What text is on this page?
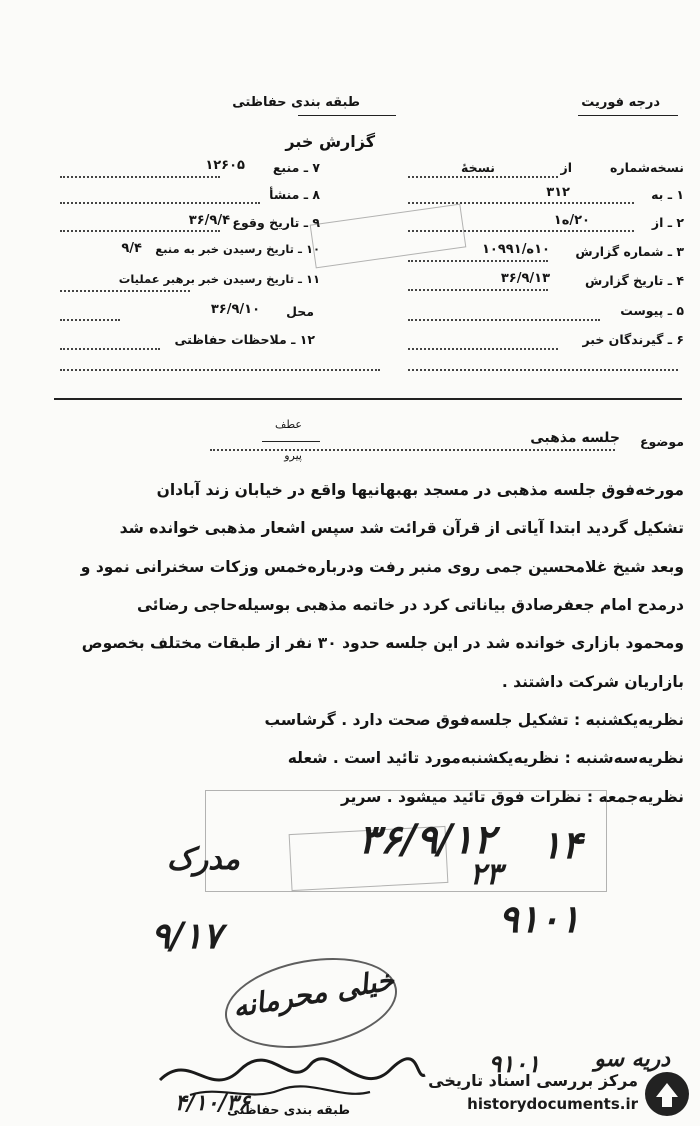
درجه فوریت
طبقه بندی حفاظتی
گزارش خبر
نسخه‌شماره
از
نسخهٔ
۱ ـ به
۳۱۲
۲ ـ از
۲۰/ه۱
۳ ـ شماره گزارش
۱۰ه/۱۰۹۹۱
۴ ـ تاریخ گزارش
۳۶/۹/۱۳
۵ ـ پیوست
۶ ـ گیرندگان خبر
۷ ـ منبع
۱۲۶۰۵
۸ ـ منشأ
۹ ـ تاریخ وقوع
۳۶/۹/۴
۱۰ ـ تاریخ رسیدن خبر به منبع
۹/۴
۱۱ ـ تاریخ رسیدن خبر برهبر عملیات
محل
۳۶/۹/۱۰
۱۲ ـ ملاحظات حفاظتی
موضوع
جلسه‌ مذهبی
عطف
پیرو
مورخه‌فوق جلسه مذهبی در مسجد بهبهانیها واقع در خیابان زند آبادان
تشکیل گردید ابتدا آیاتی از قرآن قرائت شد سپس اشعار مذهبی خوانده شد
وبعد شیخ غلامحسین جمی روی منبر رفت ودرباره‌خمس وزکات سخنرانی نمود و
درمدح امام جعفرصادق بیاناتی کرد در خاتمه مذهبی بوسیله‌حاجی رضائی
ومحمود بازاری خوانده شد در این جلسه حدود ۳۰ نفر از طبقات مختلف بخصوص
بازاریان شرکت داشتند .
نظریه‌یکشنبه : تشکیل جلسه‌فوق صحت دارد . گرشاسب
نظریه‌سه‌شنبه : نظریه‌یکشنبه‌مورد تائید است . شعله
نظریه‌جمعه : نظرات فوق تائید میشود . سریر
۳۶/۹/۱۲ ۱۴
۲۳
۹۱۰۱
مدرک
۹/۱۷
خیلی محرمانه
۹۱۰۱ دریه سو
۴/۱۰/۳۶
طبقه بندی حفاظتی
مرکز بررسی اسناد تاریخی
historydocuments.ir
